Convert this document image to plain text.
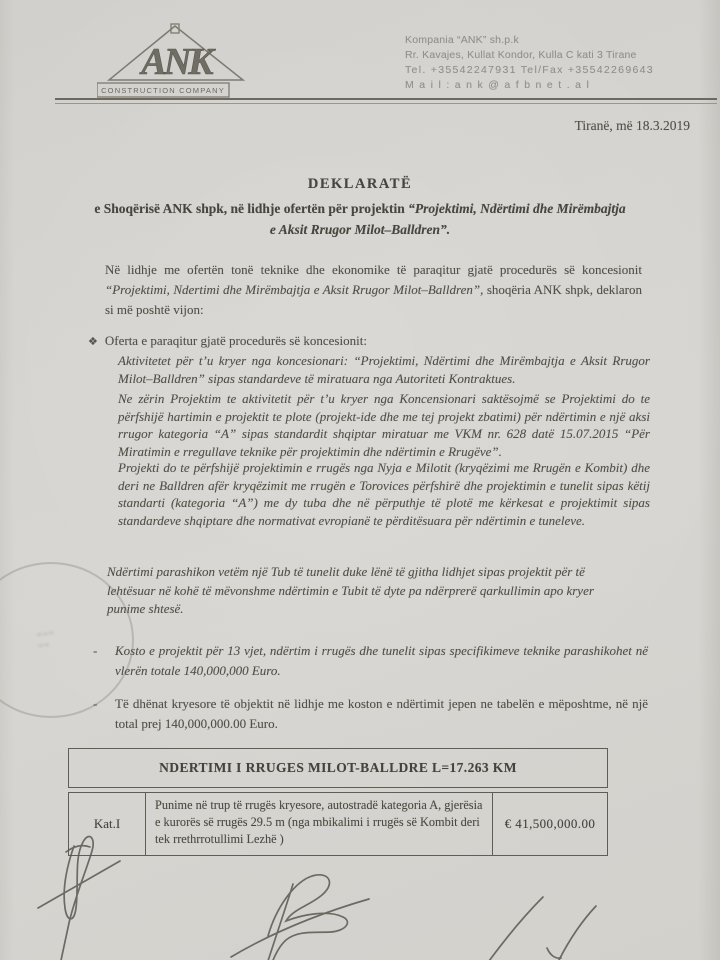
ANK
CONSTRUCTION COMPANY
Kompania “ANK” sh.p.k
Rr. Kavajes, Kullat Kondor, Kulla C kati 3 Tirane
Tel. +35542247931 Tel/Fax +35542269643
M a i l : a n k @ a f b n e t . a l
Tiranë, më 18.3.2019
DEKLARATË
e Shoqërisë ANK shpk, në lidhje ofertën për projektin “Projektimi, Ndërtimi dhe Mirëmbajtja e Aksit Rrugor Milot–Balldren”.
Në lidhje me ofertën tonë teknike dhe ekonomike të paraqitur gjatë procedurës së koncesionit “Projektimi, Ndertimi dhe Mirëmbajtja e Aksit Rrugor Milot–Balldren”, shoqëria ANK shpk, deklaron si më poshtë vijon:
❖ Oferta e paraqitur gjatë procedurës së koncesionit:
Aktivitetet për t’u kryer nga koncesionari: “Projektimi, Ndërtimi dhe Mirëmbajtja e Aksit Rrugor Milot–Balldren” sipas standardeve të miratuara nga Autoriteti Kontraktues.
Ne zërin Projektim te aktivitetit për t’u kryer nga Koncensionari saktësojmë se Projektimi do te përfshijë hartimin e projektit te plote (projekt-ide dhe me tej projekt zbatimi) për ndërtimin e një aksi rrugor kategoria “A” sipas standardit shqiptar miratuar me VKM nr. 628 datë 15.07.2015 “Për Miratimin e rregullave teknike për projektimin dhe ndërtimin e Rrugëve”.
Projekti do te përfshijë projektimin e rrugës nga Nyja e Milotit (kryqëzimi me Rrugën e Kombit) dhe deri ne Balldren afër kryqëzimit me rrugën e Torovices përfshirë dhe projektimin e tunelit sipas këtij standarti (kategoria “A”) me dy tuba dhe në përputhje të plotë me kërkesat e projektimit sipas standardeve shqiptare dhe normativat evropianë te përditësuara për ndërtimin e tuneleve.
Ndërtimi parashikon vetëm një Tub të tunelit duke lënë të gjitha lidhjet sipas projektit për të lehtësuar në kohë të mëvonshme ndërtimin e Tubit të dyte pa ndërprerë qarkullimin apo kryer punime shtesë.
- Kosto e projektit për 13 vjet, ndërtim i rrugës dhe tunelit sipas specifikimeve teknike parashikohet në vlerën totale 140,000,000 Euro.
- Të dhënat kryesore të objektit në lidhje me koston e ndërtimit jepen ne tabelën e mëposhtme, në një total prej 140,000,000.00 Euro.
NDERTIMI I RRUGES MILOT-BALLDRE L=17.263 KM
Kat.I
Punime në trup të rrugës kryesore, autostradë kategoria A, gjerësia e kurorës së rrugës 29.5 m (nga mbikalimi i rrugës së Kombit deri tek rrethrrotullimi Lezhë )
€ 41,500,000.00
⌁⌁⌁
⌁⌁
